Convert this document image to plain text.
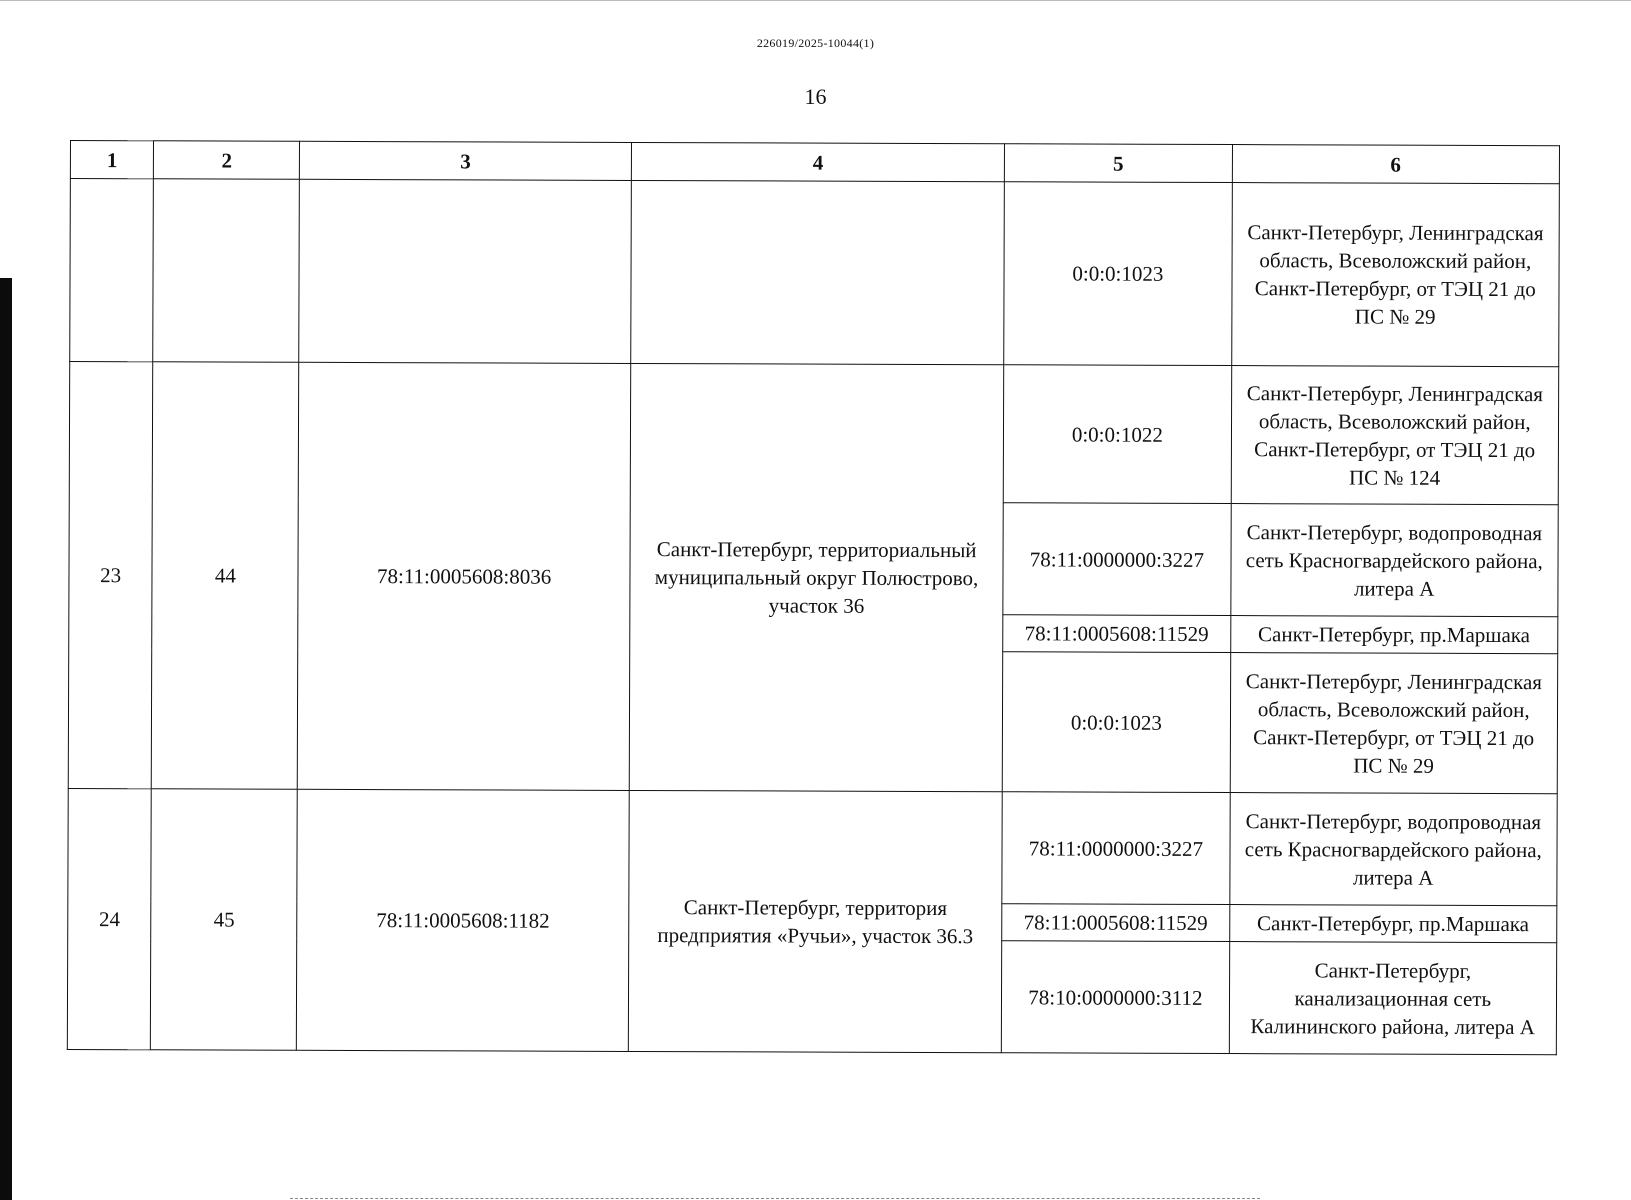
226019/2025-10044(1)
16
1	2	3	4	5	6
				0:0:0:1023	Санкт-Петербург, Ленинградская область, Всеволожский район, Санкт-Петербург, от ТЭЦ 21 до ПС № 29
23	44	78:11:0005608:8036	Санкт-Петербург, территориальный муниципальный округ Полюстрово, участок 36	0:0:0:1022	Санкт-Петербург, Ленинградская область, Всеволожский район, Санкт-Петербург, от ТЭЦ 21 до ПС № 124
				78:11:0000000:3227	Санкт-Петербург, водопроводная сеть Красногвардейского района, литера А
				78:11:0005608:11529	Санкт-Петербург, пр.Маршака
				0:0:0:1023	Санкт-Петербург, Ленинградская область, Всеволожский район, Санкт-Петербург, от ТЭЦ 21 до ПС № 29
24	45	78:11:0005608:1182	Санкт-Петербург, территория предприятия «Ручьи», участок 36.3	78:11:0000000:3227	Санкт-Петербург, водопроводная сеть Красногвардейского района, литера А
				78:11:0005608:11529	Санкт-Петербург, пр.Маршака
				78:10:0000000:3112	Санкт-Петербург, канализационная сеть Калининского района, литера А
